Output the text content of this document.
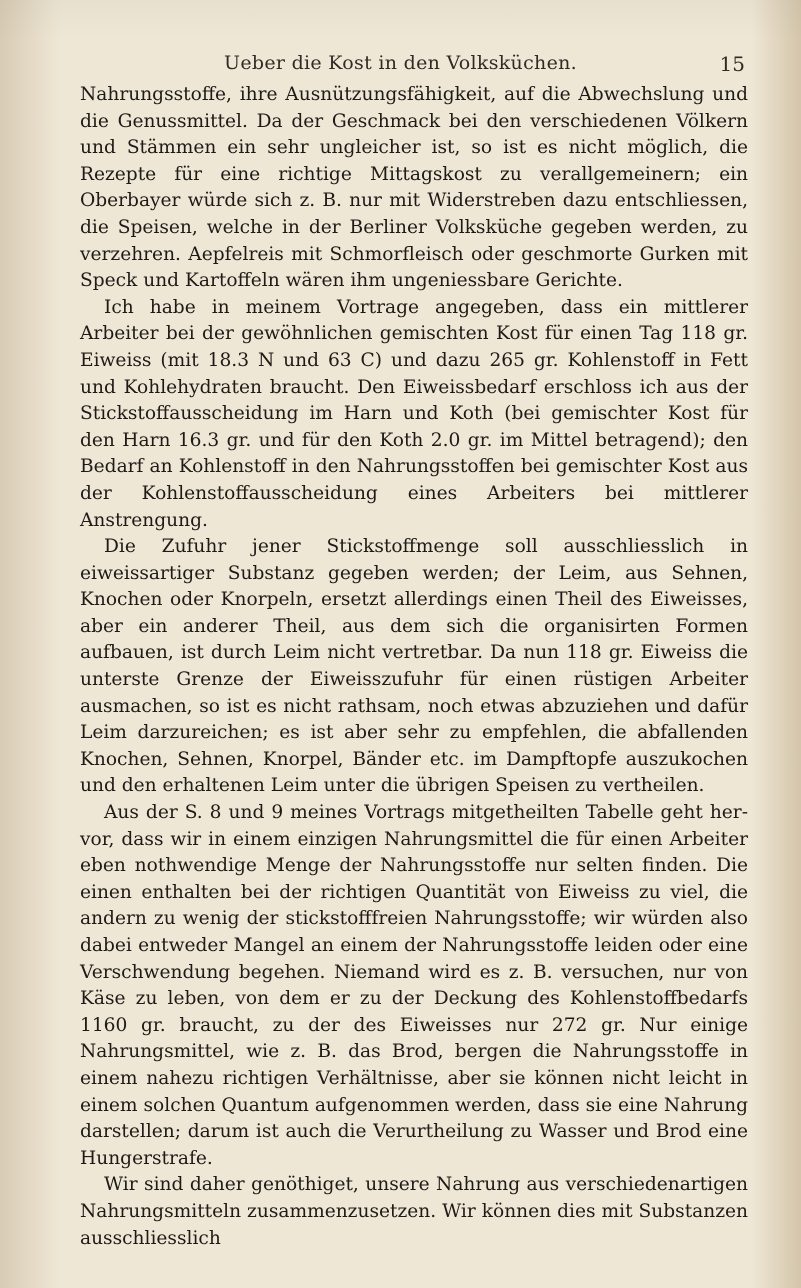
Ueber die Kost in den Volksküchen.	15

Nahrungsstoffe, ihre Ausnützungsfähigkeit, auf die Abwechslung und die Genussmittel. Da der Geschmack bei den verschiedenen Völkern und Stämmen ein sehr ungleicher ist, so ist es nicht möglich, die Rezepte für eine richtige Mittagskost zu verallgemeinern; ein Oberbayer würde sich z. B. nur mit Widerstreben dazu entschliessen, die Speisen, welche in der Berliner Volksküche gegeben werden, zu verzehren. Aepfelreis mit Schmorfleisch oder geschmorte Gurken mit Speck und Kartoffeln wären ihm ungeniessbare Gerichte.

Ich habe in meinem Vortrage angegeben, dass ein mittlerer Arbeiter bei der gewöhnlichen gemischten Kost für einen Tag 118 gr. Eiweiss (mit 18.3 N und 63 C) und dazu 265 gr. Kohlenstoff in Fett und Kohlehydraten braucht. Den Eiweissbedarf erschloss ich aus der Stickstoffausscheidung im Harn und Koth (bei gemischter Kost für den Harn 16.3 gr. und für den Koth 2.0 gr. im Mittel betragend); den Bedarf an Kohlenstoff in den Nahrungsstoffen bei gemischter Kost aus der Kohlenstoffausscheidung eines Arbeiters bei mittlerer Anstrengung.

Die Zufuhr jener Stickstoffmenge soll ausschliesslich in eiweissartiger Substanz gegeben werden; der Leim, aus Sehnen, Knochen oder Knorpeln, ersetzt allerdings einen Theil des Eiweisses, aber ein anderer Theil, aus dem sich die organisirten Formen aufbauen, ist durch Leim nicht vertretbar. Da nun 118 gr. Eiweiss die unterste Grenze der Eiweisszufuhr für einen rüstigen Arbeiter ausmachen, so ist es nicht rathsam, noch etwas abzuziehen und dafür Leim darzureichen; es ist aber sehr zu empfehlen, die abfallenden Knochen, Sehnen, Knorpel, Bänder etc. im Dampftopfe auszukochen und den erhaltenen Leim unter die übrigen Speisen zu vertheilen.

Aus der S. 8 und 9 meines Vortrags mitgetheilten Tabelle geht hervor, dass wir in einem einzigen Nahrungsmittel die für einen Arbeiter eben nothwendige Menge der Nahrungsstoffe nur selten finden. Die einen enthalten bei der richtigen Quantität von Eiweiss zu viel, die andern zu wenig der stickstofffreien Nahrungsstoffe; wir würden also dabei entweder Mangel an einem der Nahrungsstoffe leiden oder eine Verschwendung begehen. Niemand wird es z. B. versuchen, nur von Käse zu leben, von dem er zu der Deckung des Kohlenstoffbedarfs 1160 gr. braucht, zu der des Eiweisses nur 272 gr. Nur einige Nahrungsmittel, wie z. B. das Brod, bergen die Nahrungsstoffe in einem nahezu richtigen Verhältnisse, aber sie können nicht leicht in einem solchen Quantum aufgenommen werden, dass sie eine Nahrung darstellen; darum ist auch die Verurtheilung zu Wasser und Brod eine Hungerstrafe.

Wir sind daher genöthiget, unsere Nahrung aus verschiedenartigen Nahrungsmitteln zusammenzusetzen. Wir können dies mit Substanzen ausschliesslich
